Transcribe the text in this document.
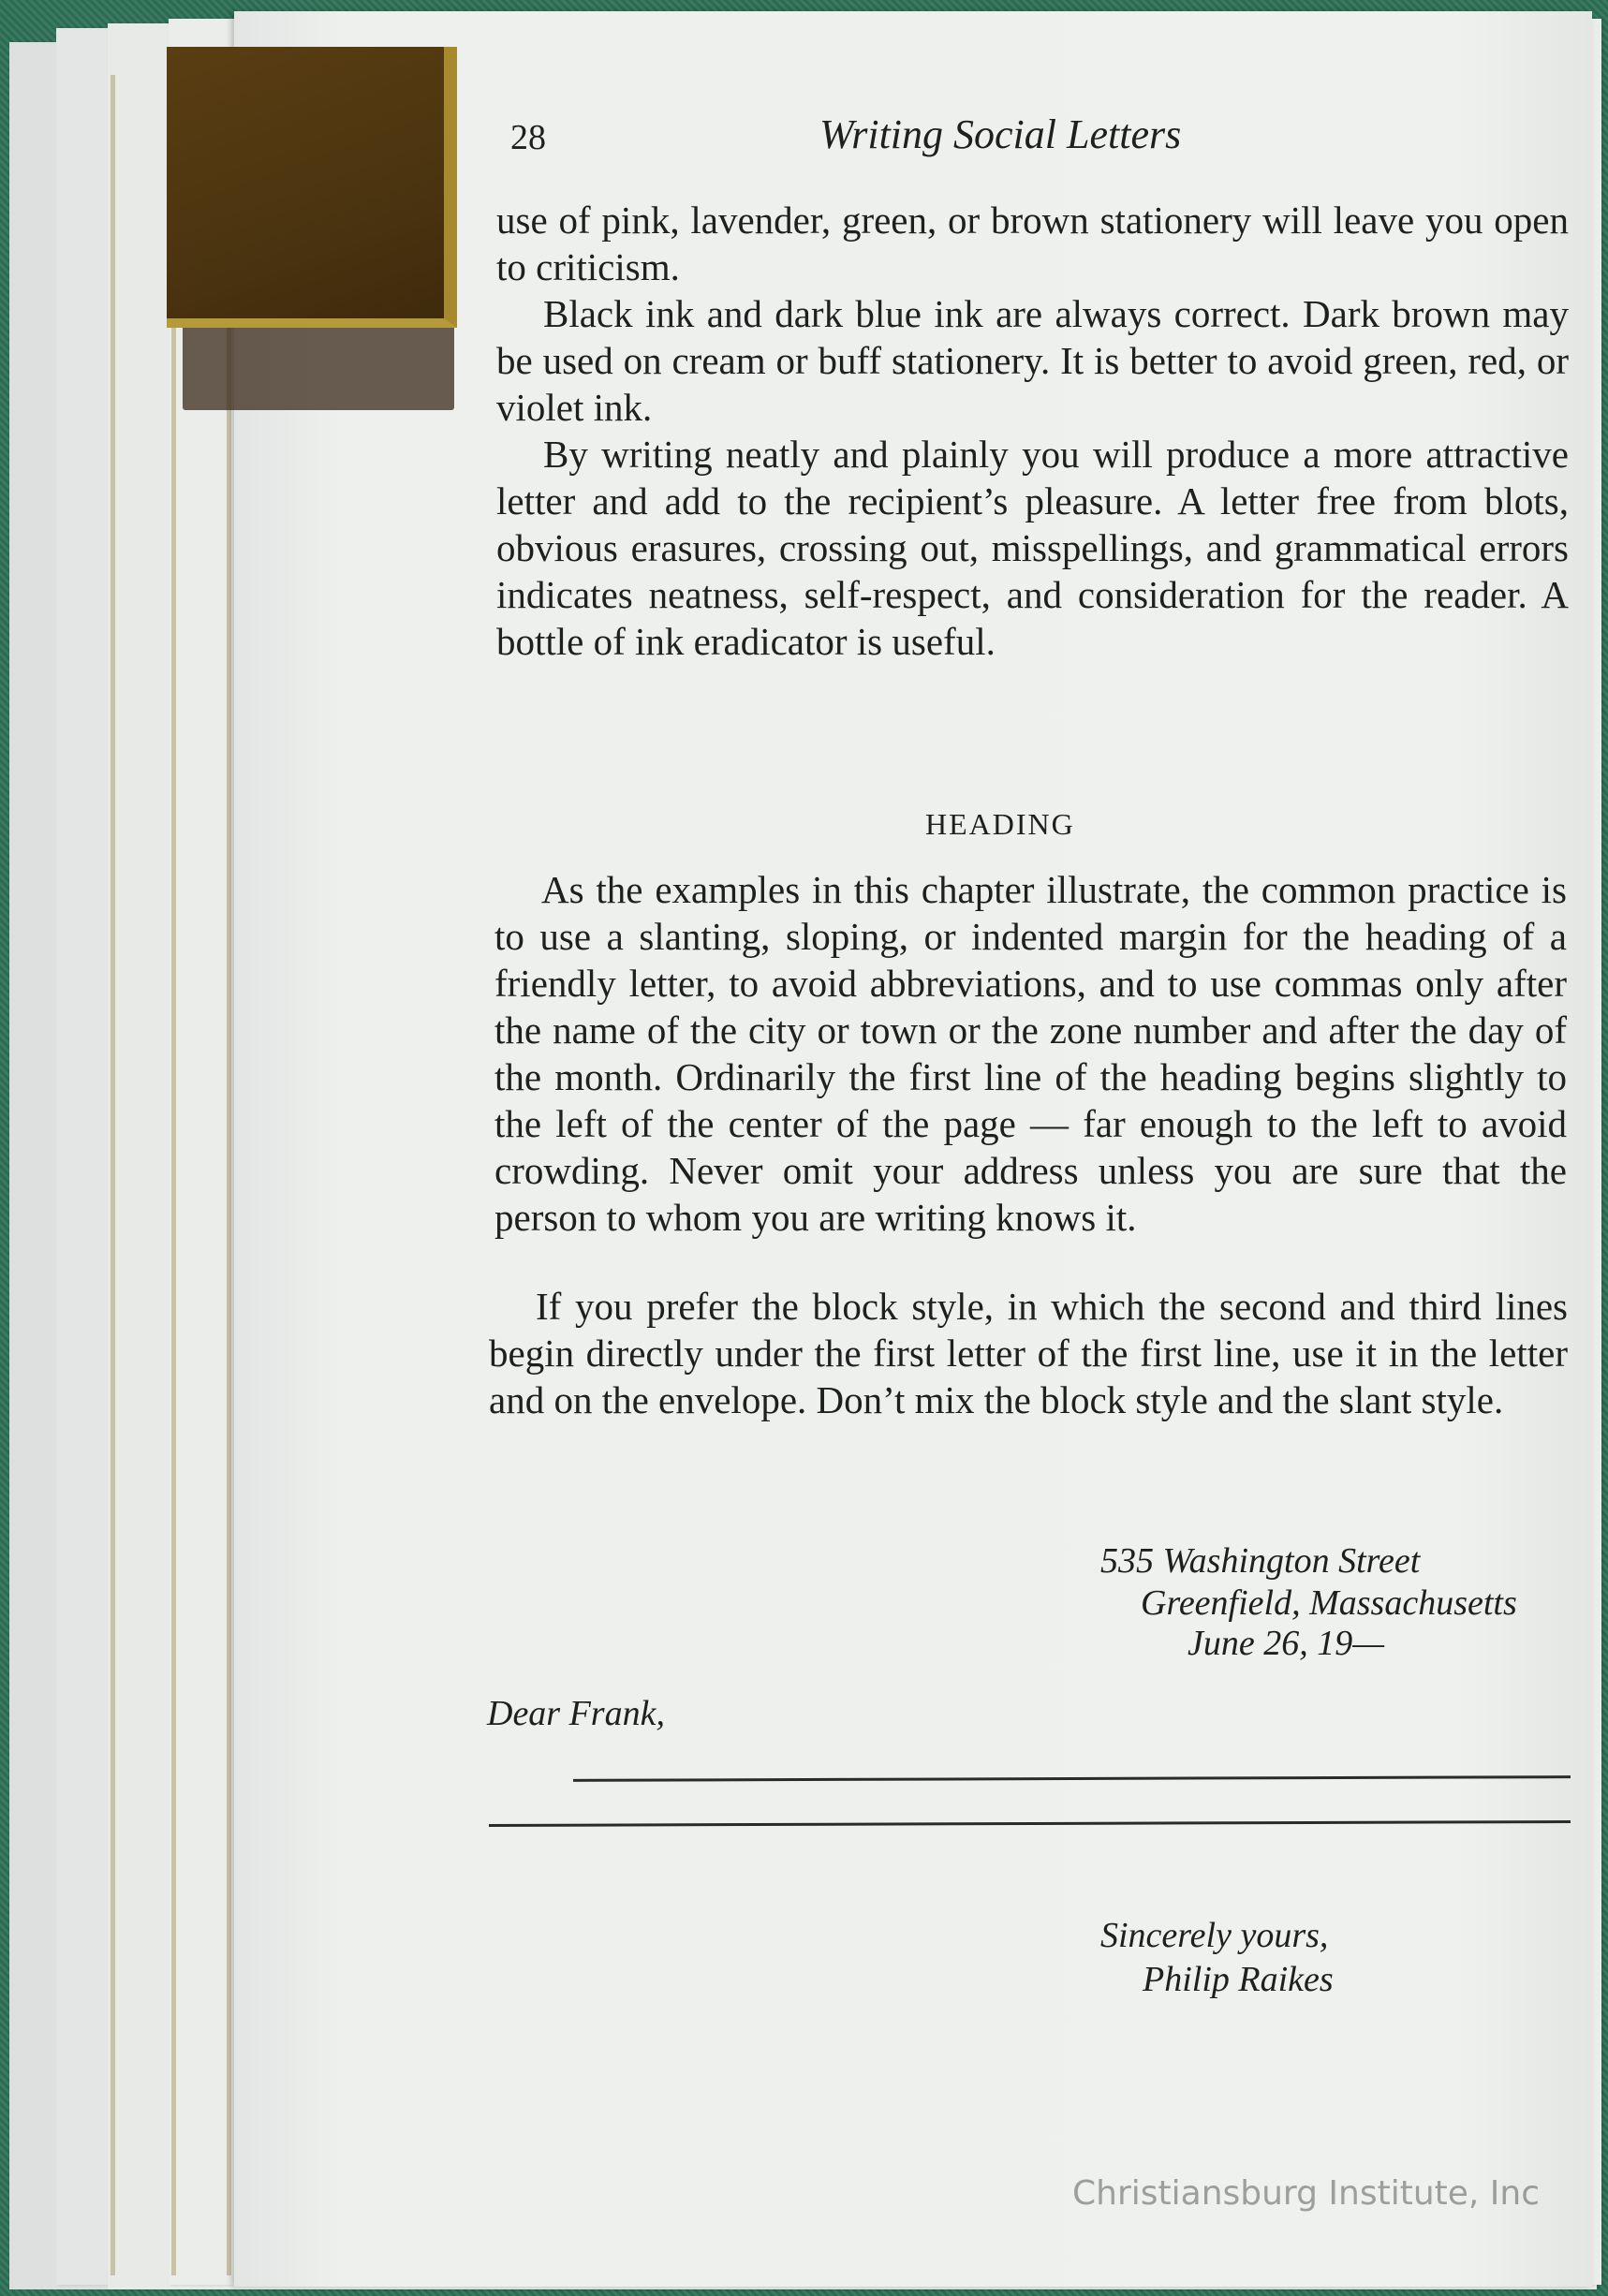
28	Writing Social Letters
use of pink, lavender, green, or brown stationery will leave you open to criticism.
Black ink and dark blue ink are always correct. Dark brown may be used on cream or buff stationery. It is better to avoid green, red, or violet ink.
By writing neatly and plainly you will produce a more attractive letter and add to the recipient’s pleasure. A letter free from blots, obvious erasures, crossing out, misspellings, and grammatical errors indicates neatness, self-respect, and consideration for the reader. A bottle of ink eradicator is useful.
HEADING
As the examples in this chapter illustrate, the common practice is to use a slanting, sloping, or indented margin for the heading of a friendly letter, to avoid abbreviations, and to use commas only after the name of the city or town or the zone number and after the day of the month. Ordinarily the first line of the heading begins slightly to the left of the center of the page — far enough to the left to avoid crowding. Never omit your address unless you are sure that the person to whom you are writing knows it.
If you prefer the block style, in which the second and third lines begin directly under the first letter of the first line, use it in the letter and on the envelope. Don’t mix the block style and the slant style.
535 Washington Street
Greenfield, Massachusetts
June 26, 19—
Dear Frank,
Sincerely yours,
Philip Raikes
Christiansburg Institute, Inc
